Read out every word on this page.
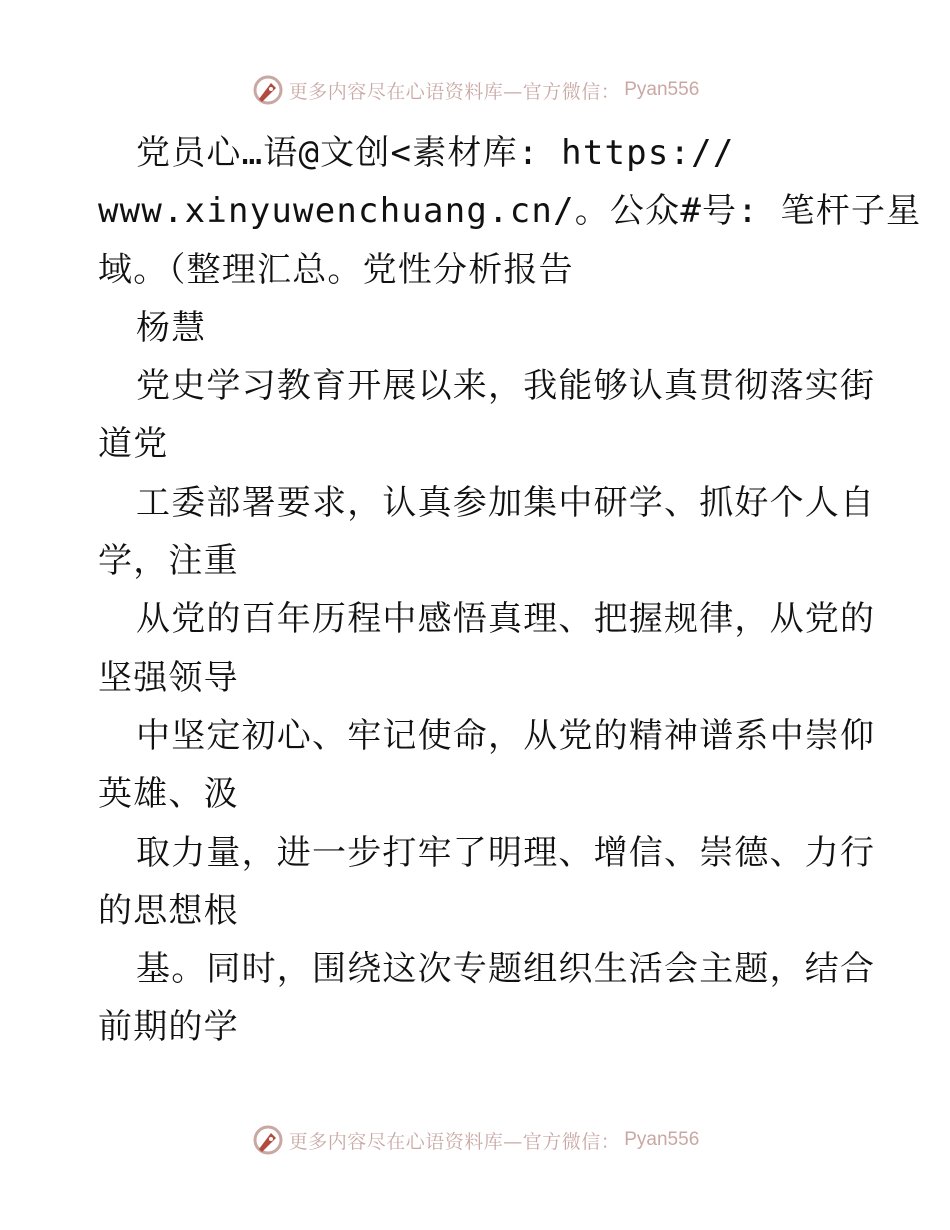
更多内容尽在心语资料库—官方微信： Pyan556
党员心…语@文创<素材库: https://
www.xinyuwenchuang.cn/。公众#号: 笔杆子星
域。（整理汇总。党性分析报告
杨慧
党史学习教育开展以来，我能够认真贯彻落实街
道党
工委部署要求，认真参加集中研学、抓好个人自
学，注重
从党的百年历程中感悟真理、把握规律，从党的
坚强领导
中坚定初心、牢记使命，从党的精神谱系中崇仰
英雄、汲
取力量，进一步打牢了明理、增信、崇德、力行
的思想根
基。同时，围绕这次专题组织生活会主题，结合
前期的学
更多内容尽在心语资料库—官方微信： Pyan556
